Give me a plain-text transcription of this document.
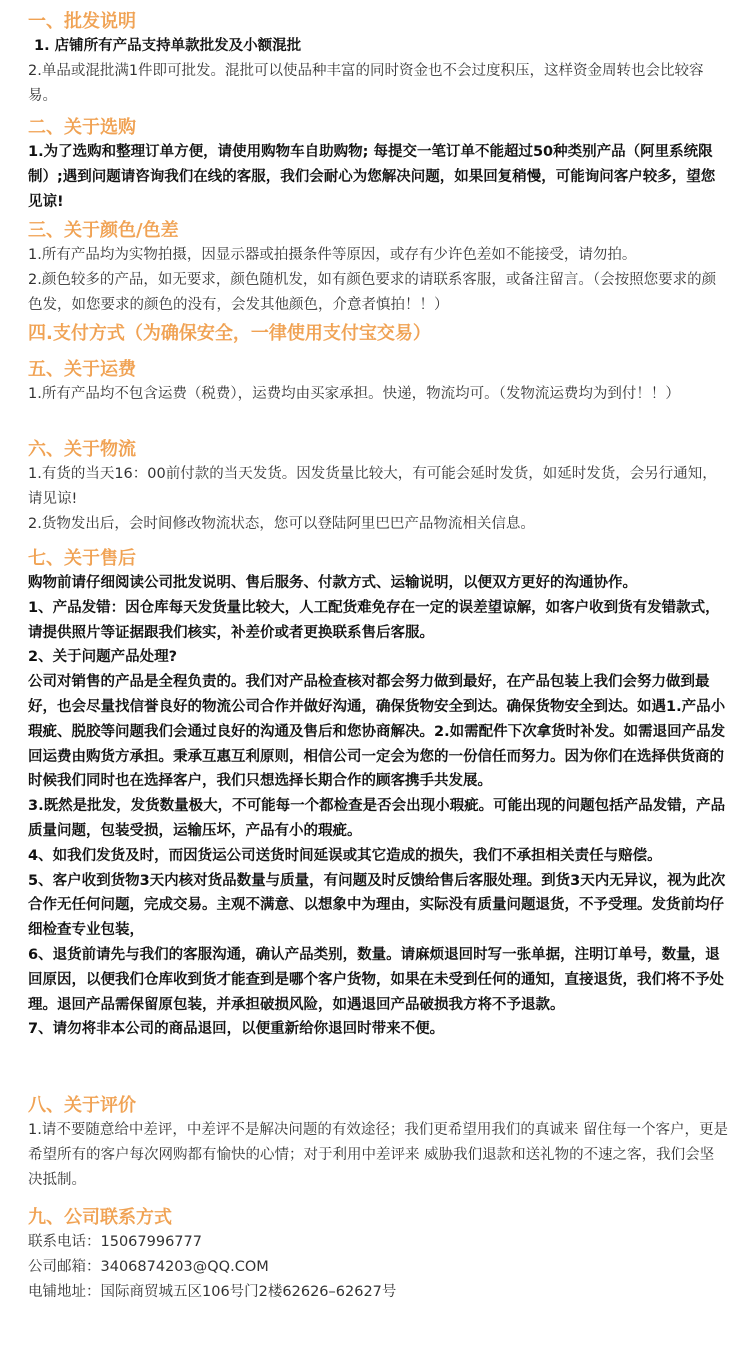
一、批发说明

1. 店铺所有产品支持单款批发及小额混批

2.单品或混批满1件即可批发。混批可以使品种丰富的同时资金也不会过度积压，这样资金周转也会比较容易。

二、关于选购

1.为了选购和整理订单方便，请使用购物车自助购物; 每提交一笔订单不能超过50种类别产品（阿里系统限制）;遇到问题请咨询我们在线的客服，我们会耐心为您解决问题，如果回复稍慢，可能询问客户较多，望您见谅!

三、关于颜色/色差

1.所有产品均为实物拍摄，因显示器或拍摄条件等原因，或存有少许色差如不能接受，请勿拍。

2.颜色较多的产品，如无要求，颜色随机发，如有颜色要求的请联系客服，或备注留言。（会按照您要求的颜色发，如您要求的颜色的没有，会发其他颜色，介意者慎拍！！）

四.支付方式（为确保安全，一律使用支付宝交易）
五、关于运费

1.所有产品均不包含运费（税费），运费均由买家承担。快递，物流均可。（发物流运费均为到付！！）

六、关于物流

1.有货的当天16：00前付款的当天发货。因发货量比较大，有可能会延时发货，如延时发货，会另行通知，请见谅!

2.货物发出后，会时间修改物流状态，您可以登陆阿里巴巴产品物流相关信息。

七、关于售后

购物前请仔细阅读公司批发说明、售后服务、付款方式、运输说明，以便双方更好的沟通协作。

1、产品发错：因仓库每天发货量比较大，人工配货难免存在一定的误差望谅解，如客户收到货有发错款式，请提供照片等证据跟我们核实，补差价或者更换联系售后客服。

2、关于问题产品处理?

公司对销售的产品是全程负责的。我们对产品检查核对都会努力做到最好，在产品包装上我们会努力做到最好，也会尽量找信誉良好的物流公司合作并做好沟通，确保货物安全到达。确保货物安全到达。如遇1.产品小瑕疵、脱胶等问题我们会通过良好的沟通及售后和您协商解决。2.如需配件下次拿货时补发。如需退回产品发回运费由购货方承担。秉承互惠互利原则，相信公司一定会为您的一份信任而努力。因为你们在选择供货商的时候我们同时也在选择客户，我们只想选择长期合作的顾客携手共发展。

3.既然是批发，发货数量极大，不可能每一个都检查是否会出现小瑕疵。可能出现的问题包括产品发错，产品质量问题，包装受损，运输压坏，产品有小的瑕疵。

4、如我们发货及时，而因货运公司送货时间延误或其它造成的损失，我们不承担相关责任与赔偿。

5、客户收到货物3天内核对货品数量与质量，有问题及时反馈给售后客服处理。到货3天内无异议，视为此次合作无任何问题，完成交易。主观不满意、以想象中为理由，实际没有质量问题退货，不予受理。发货前均仔细检查专业包装，

6、退货前请先与我们的客服沟通，确认产品类别，数量。请麻烦退回时写一张单据，注明订单号，数量，退回原因，以便我们仓库收到货才能查到是哪个客户货物，如果在未受到任何的通知，直接退货，我们将不予处理。退回产品需保留原包装，并承担破损风险，如遇退回产品破损我方将不予退款。

7、请勿将非本公司的商品退回，以便重新给你退回时带来不便。

八、关于评价

1.请不要随意给中差评，中差评不是解决问题的有效途径；我们更希望用我们的真诚来 留住每一个客户，更是希望所有的客户每次网购都有愉快的心情；对于利用中差评来 威胁我们退款和送礼物的不速之客，我们会坚决抵制。

九、公司联系方式

联系电话：15067996777

公司邮箱：3406874203@QQ.COM

电铺地址：国际商贸城五区106号门2楼62626–62627号
